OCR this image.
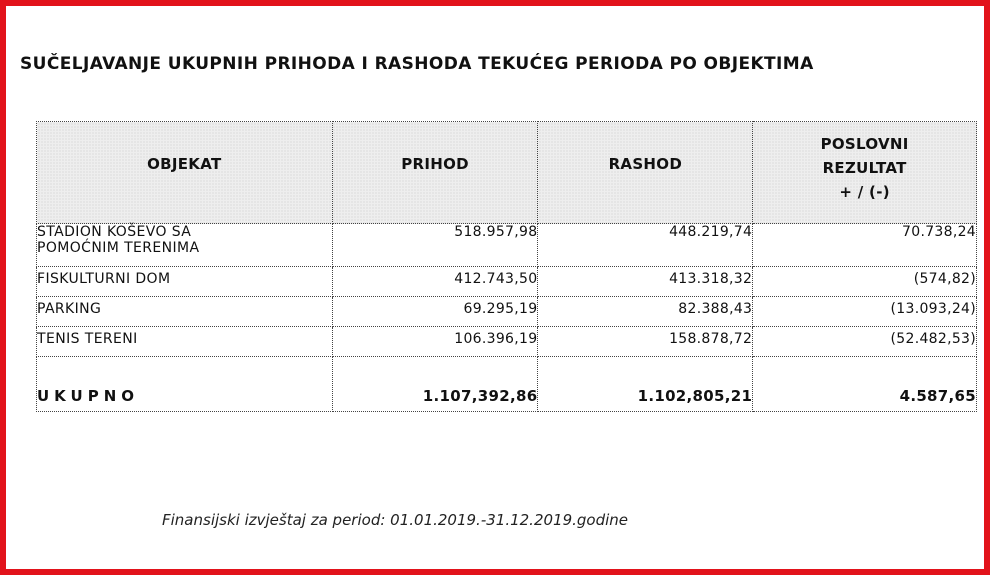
SUČELJAVANJE UKUPNIH PRIHODA I RASHODA TEKUĆEG PERIODA PO OBJEKTIMA
OBJEKAT	PRIHOD	RASHOD	POSLOVNI
REZULTAT
+ / (-)

STADION KOŠEVO SA
POMOĆNIM TERENIMA	518.957,98	448.219,74	70.738,24
FISKULTURNI DOM	412.743,50	413.318,32	(574,82)
PARKING	69.295,19	82.388,43	(13.093,24)
TENIS TERENI	106.396,19	158.878,72	(52.482,53)
UKUPNO	1.107,392,86	1.102,805,21	4.587,65
Finansijski izvještaj za period: 01.01.2019.-31.12.2019.godine
